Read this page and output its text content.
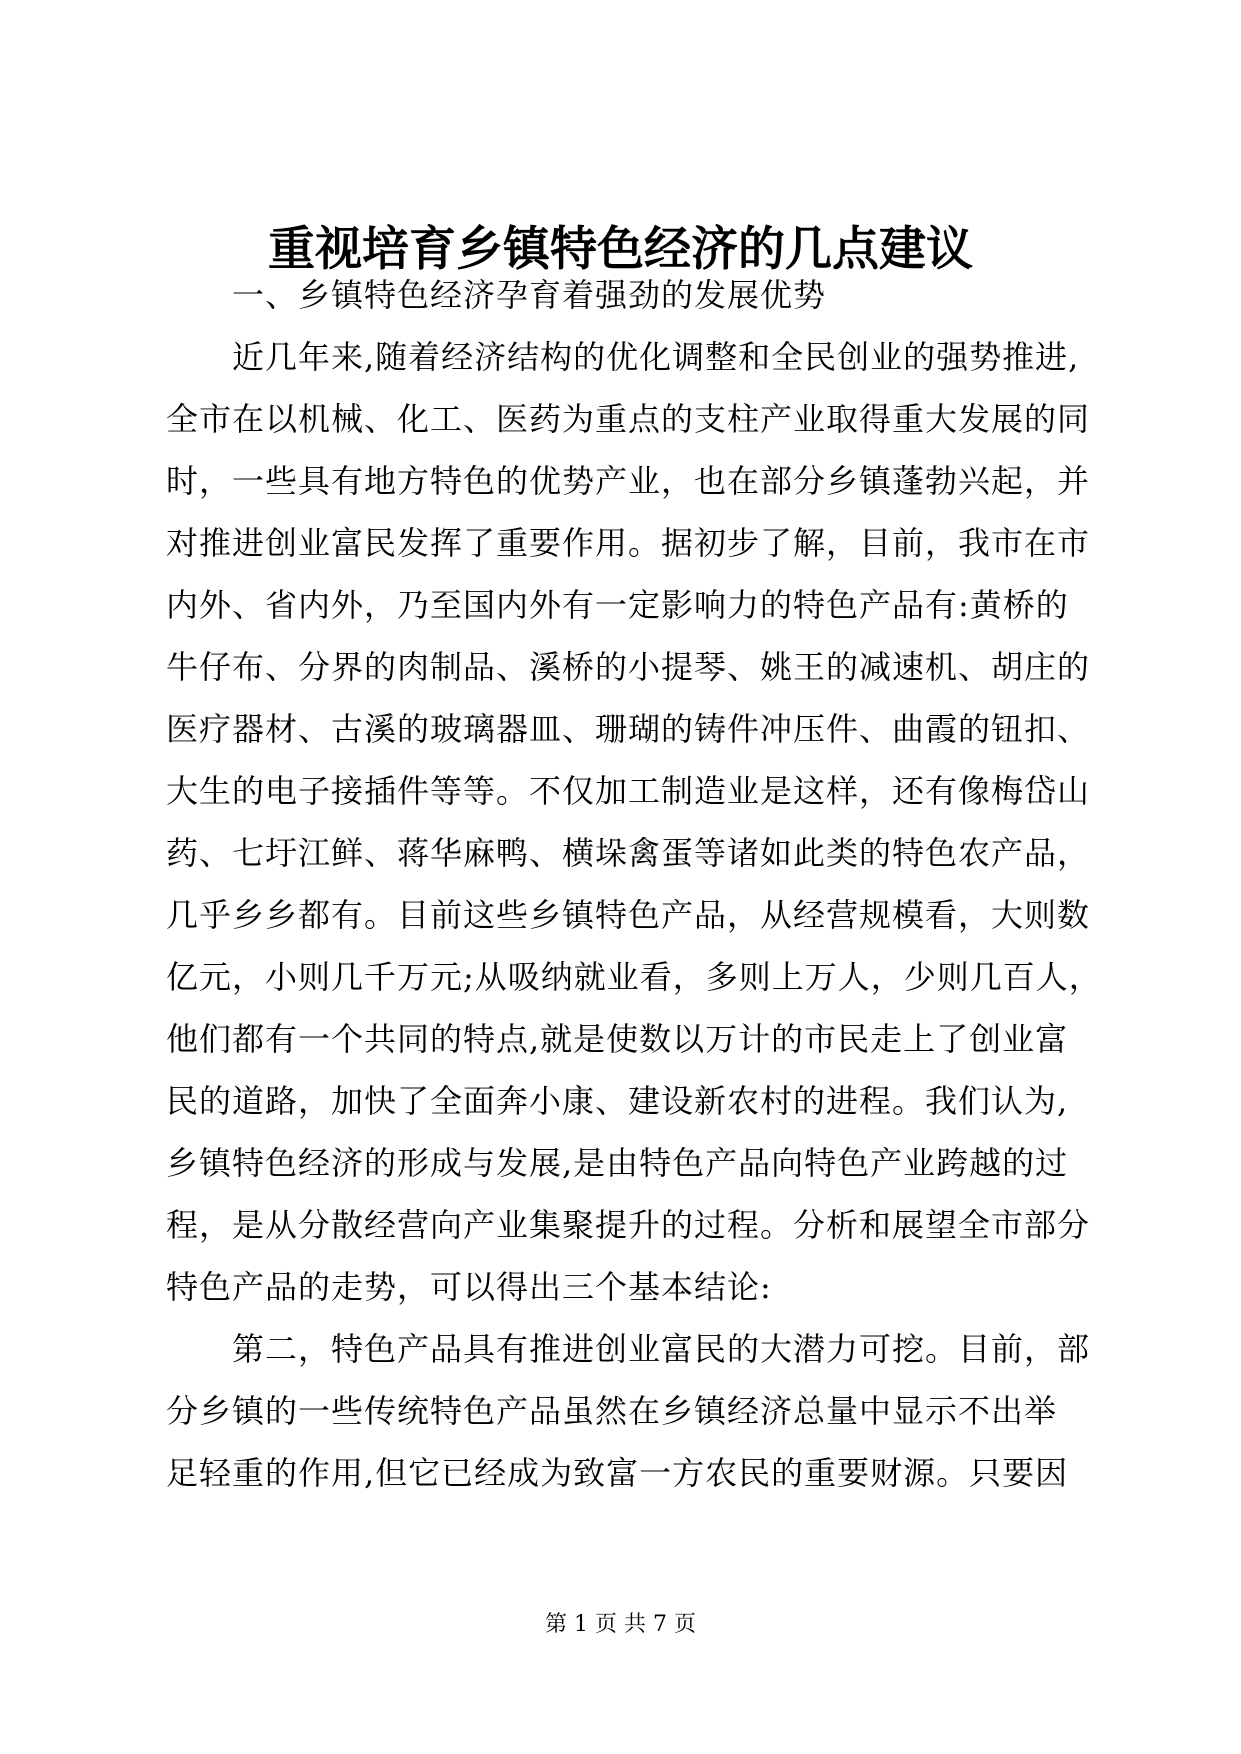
重视培育乡镇特色经济的几点建议
一、乡镇特色经济孕育着强劲的发展优势
近几年来,随着经济结构的优化调整和全民创业的强势推进,
全市在以机械、化工、医药为重点的支柱产业取得重大发展的同
时，一些具有地方特色的优势产业，也在部分乡镇蓬勃兴起，并
对推进创业富民发挥了重要作用。据初步了解，目前，我市在市
内外、省内外，乃至国内外有一定影响力的特色产品有:黄桥的
牛仔布、分界的肉制品、溪桥的小提琴、姚王的减速机、胡庄的
医疗器材、古溪的玻璃器皿、珊瑚的铸件冲压件、曲霞的钮扣、
大生的电子接插件等等。不仅加工制造业是这样，还有像梅岱山
药、七圩江鲜、蒋华麻鸭、横垛禽蛋等诸如此类的特色农产品，
几乎乡乡都有。目前这些乡镇特色产品，从经营规模看，大则数
亿元，小则几千万元;从吸纳就业看，多则上万人，少则几百人，
他们都有一个共同的特点,就是使数以万计的市民走上了创业富
民的道路，加快了全面奔小康、建设新农村的进程。我们认为,
乡镇特色经济的形成与发展,是由特色产品向特色产业跨越的过
程，是从分散经营向产业集聚提升的过程。分析和展望全市部分
特色产品的走势，可以得出三个基本结论:
第二，特色产品具有推进创业富民的大潜力可挖。目前，部
分乡镇的一些传统特色产品虽然在乡镇经济总量中显示不出举
足轻重的作用,但它已经成为致富一方农民的重要财源。只要因
第 1 页 共 7 页
